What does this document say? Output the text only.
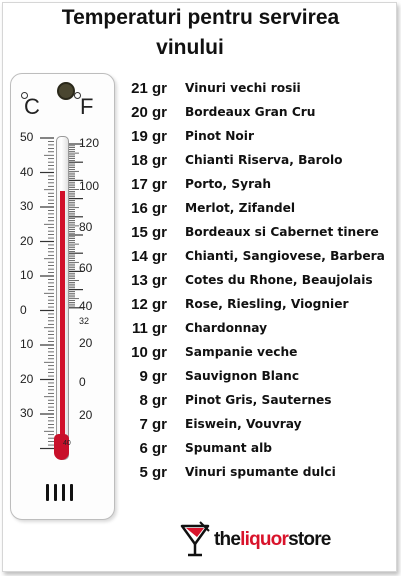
Temperaturi pentru servirea
vinului
C F
50
40
30
20
10
0
10
20
30
120
100
80
60
40
32
20
0
20
40
21 gr Vinuri vechi rosii
20 gr Bordeaux Gran Cru
19 gr Pinot Noir
18 gr Chianti Riserva, Barolo
17 gr Porto, Syrah
16 gr Merlot, Zifandel
15 gr Bordeaux si Cabernet tinere
14 gr Chianti, Sangiovese, Barbera
13 gr Cotes du Rhone, Beaujolais
12 gr Rose, Riesling, Viognier
11 gr Chardonnay
10 gr Sampanie veche
9 gr Sauvignon Blanc
8 gr Pinot Gris, Sauternes
7 gr Eiswein, Vouvray
6 gr Spumant alb
5 gr Vinuri spumante dulci
theliquorstore
